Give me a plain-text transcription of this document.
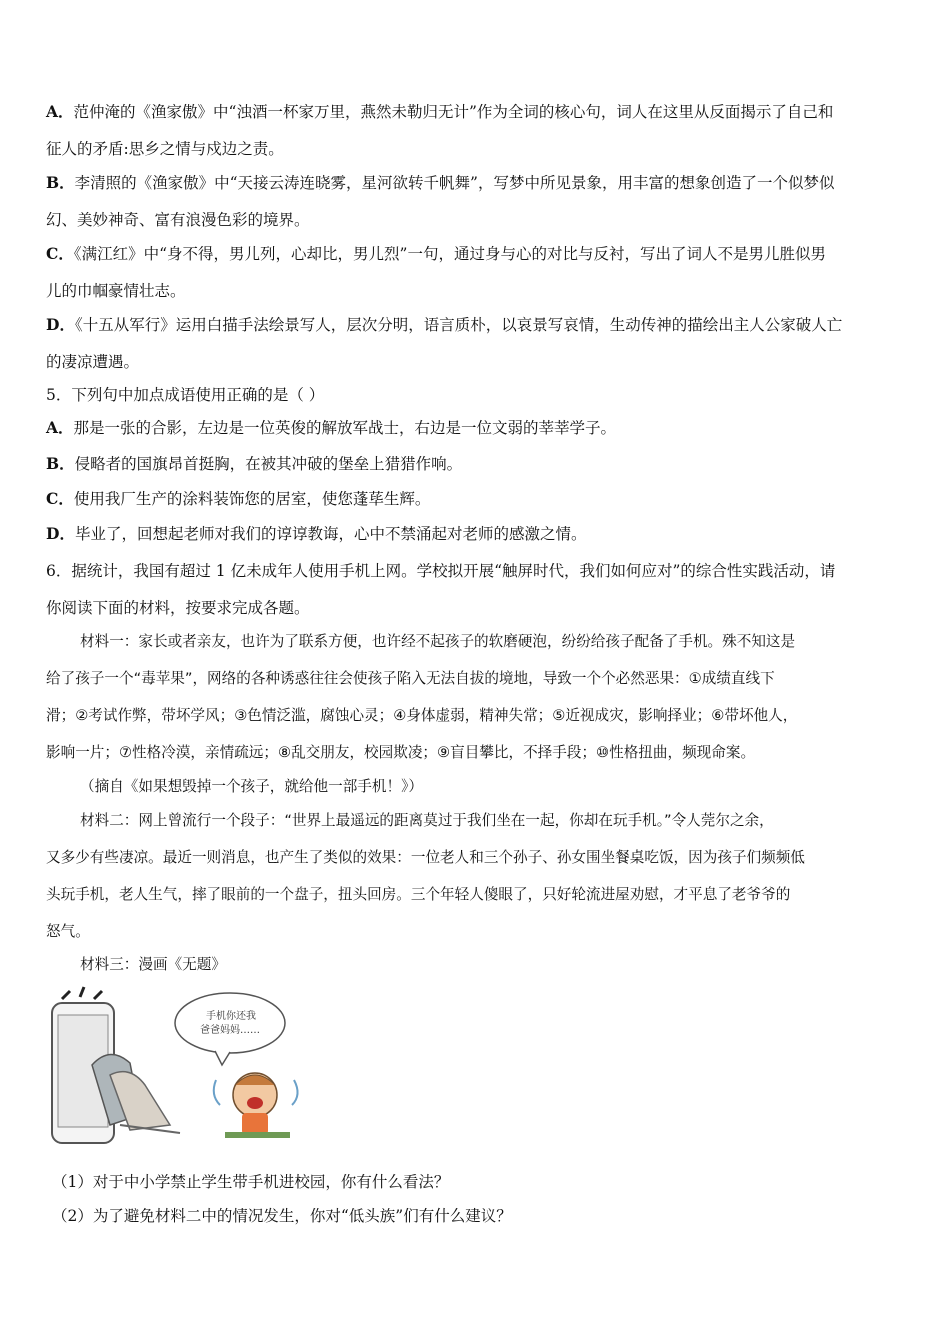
A．范仲淹的《渔家傲》中“浊酒一杯家万里，燕然未勒归无计”作为全词的核心句，词人在这里从反面揭示了自己和
征人的矛盾:思乡之情与戍边之责。
B．李清照的《渔家傲》中“天接云涛连晓雾，星河欲转千帆舞”，写梦中所见景象，用丰富的想象创造了一个似梦似
幻、美妙神奇、富有浪漫色彩的境界。
C．《满江红》中“身不得，男儿列，心却比，男儿烈”一句，通过身与心的对比与反衬，写出了词人不是男儿胜似男
儿的巾帼豪情壮志。
D．《十五从军行》运用白描手法绘景写人，层次分明，语言质朴，以哀景写哀情，生动传神的描绘出主人公家破人亡
的凄凉遭遇。
5．下列句中加点成语使用正确的是（ ）
A．那是一张的合影，左边是一位英俊的解放军战士，右边是一位文弱的莘莘学子。
B．侵略者的国旗昂首挺胸，在被其冲破的堡垒上猎猎作响。
C．使用我厂生产的涂料装饰您的居室，使您蓬荜生辉。
D．毕业了，回想起老师对我们的谆谆教诲，心中不禁涌起对老师的感激之情。
6．据统计，我国有超过 1 亿未成年人使用手机上网。学校拟开展“触屏时代，我们如何应对”的综合性实践活动，请
你阅读下面的材料，按要求完成各题。
材料一：家长或者亲友，也许为了联系方便，也许经不起孩子的软磨硬泡，纷纷给孩子配备了手机。殊不知这是
给了孩子一个“毒苹果”，网络的各种诱惑往往会使孩子陷入无法自拔的境地，导致一个个必然恶果：①成绩直线下
滑；②考试作弊，带坏学风；③色情泛滥，腐蚀心灵；④身体虚弱，精神失常；⑤近视成灾，影响择业；⑥带坏他人，
影响一片；⑦性格冷漠，亲情疏远；⑧乱交朋友，校园欺凌；⑨盲目攀比，不择手段；⑩性格扭曲，频现命案。
（摘自《如果想毁掉一个孩子，就给他一部手机！》）
材料二：网上曾流行一个段子：“世界上最遥远的距离莫过于我们坐在一起，你却在玩手机。”令人莞尔之余，
又多少有些凄凉。最近一则消息，也产生了类似的效果：一位老人和三个孙子、孙女围坐餐桌吃饭，因为孩子们频频低
头玩手机，老人生气，摔了眼前的一个盘子，扭头回房。三个年轻人傻眼了，只好轮流进屋劝慰，才平息了老爷爷的
怒气。
材料三：漫画《无题》
手机你还我
爸爸妈妈……
（1）对于中小学禁止学生带手机进校园，你有什么看法？
（2）为了避免材料二中的情况发生，你对“低头族”们有什么建议？
